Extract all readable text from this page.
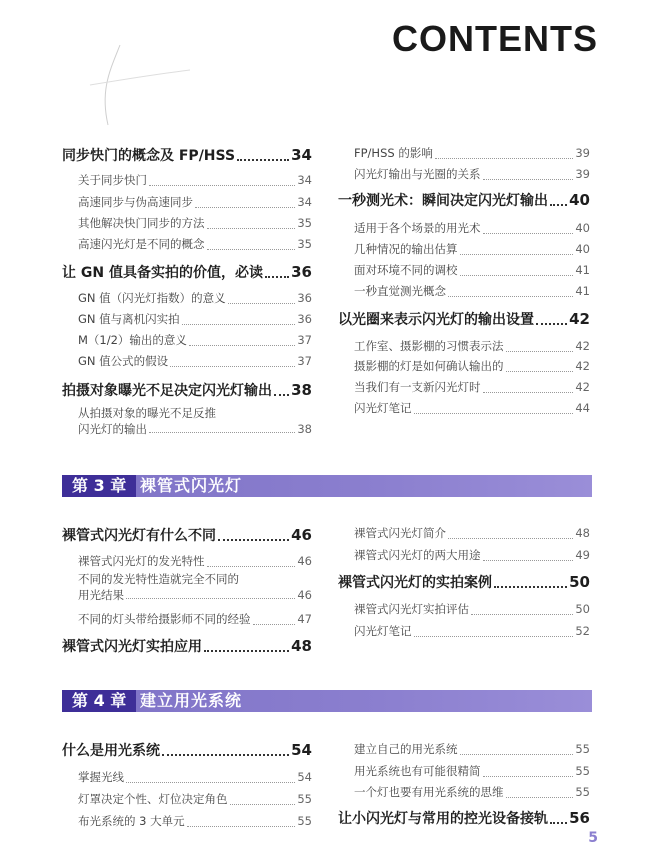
CONTENTS
同步快门的概念及 FP/HSS	34
关于同步快门	34
高速同步与伪高速同步	34
其他解决快门同步的方法	35
高速闪光灯是不同的概念	35
让 GN 值具备实拍的价值，必读 36
GN 值（闪光灯指数）的意义	36
GN 值与离机闪实拍	36
M（1/2）输出的意义	37
GN 值公式的假设	37
拍摄对象曝光不足决定闪光灯输出 38
从拍摄对象的曝光不足反推
闪光灯的输出	38
FP/HSS 的影响	39
闪光灯输出与光圈的关系	39
一秒测光术：瞬间决定闪光灯输出 40
适用于各个场景的用光术	40
几种情况的输出估算	40
面对环境不同的调校	41
一秒直觉测光概念	41
以光圈来表示闪光灯的输出设置 42
工作室、摄影棚的习惯表示法	42
摄影棚的灯是如何确认输出的	42
当我们有一支新闪光灯时	42
闪光灯笔记	44
第 3 章 裸管式闪光灯
裸管式闪光灯有什么不同	46
裸管式闪光灯的发光特性	46
不同的发光特性造就完全不同的
用光结果	46
不同的灯头带给摄影师不同的经验	47
裸管式闪光灯实拍应用	48
裸管式闪光灯简介	48
裸管式闪光灯的两大用途	49
裸管式闪光灯的实拍案例	50
裸管式闪光灯实拍评估	50
闪光灯笔记	52
第 4 章 建立用光系统
什么是用光系统	54
掌握光线	54
灯罩决定个性、灯位决定角色	55
布光系统的 3 大单元	55
建立自己的用光系统	55
用光系统也有可能很精简	55
一个灯也要有用光系统的思维	55
让小闪光灯与常用的控光设备接轨 56
5
